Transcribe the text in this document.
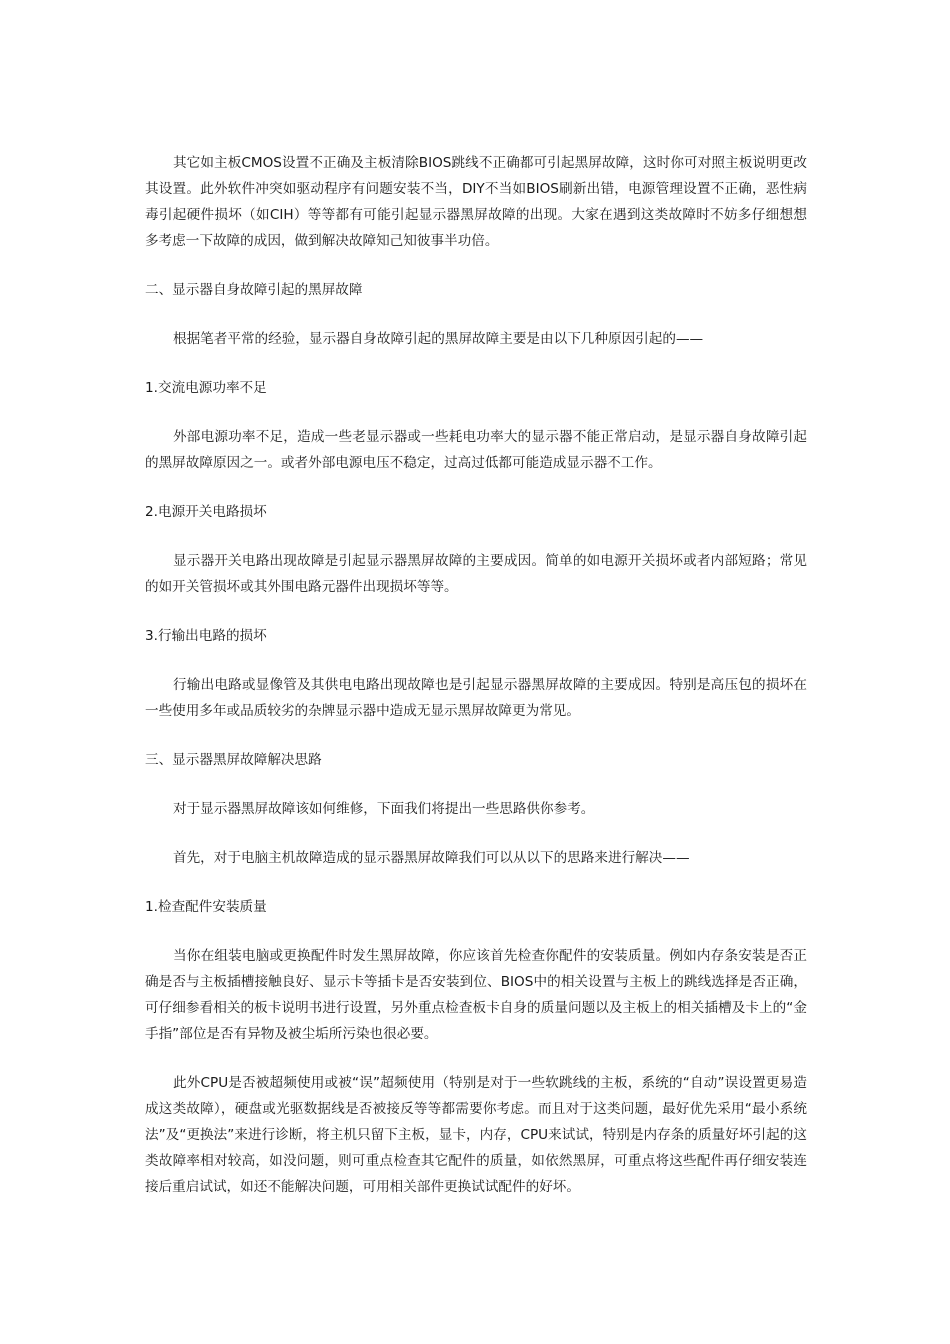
其它如主板CMOS设置不正确及主板清除BIOS跳线不正确都可引起黑屏故障，这时你可对照主板说明更改其设置。此外软件冲突如驱动程序有问题安装不当，DIY不当如BIOS刷新出错，电源管理设置不正确，恶性病毒引起硬件损坏（如CIH）等等都有可能引起显示器黑屏故障的出现。大家在遇到这类故障时不妨多仔细想想多考虑一下故障的成因，做到解决故障知己知彼事半功倍。

二、显示器自身故障引起的黑屏故障

根据笔者平常的经验，显示器自身故障引起的黑屏故障主要是由以下几种原因引起的——

1.交流电源功率不足

外部电源功率不足，造成一些老显示器或一些耗电功率大的显示器不能正常启动，是显示器自身故障引起的黑屏故障原因之一。或者外部电源电压不稳定，过高过低都可能造成显示器不工作。

2.电源开关电路损坏

显示器开关电路出现故障是引起显示器黑屏故障的主要成因。简单的如电源开关损坏或者内部短路；常见的如开关管损坏或其外围电路元器件出现损坏等等。

3.行输出电路的损坏

行输出电路或显像管及其供电电路出现故障也是引起显示器黑屏故障的主要成因。特别是高压包的损坏在一些使用多年或品质较劣的杂牌显示器中造成无显示黑屏故障更为常见。

三、显示器黑屏故障解决思路

对于显示器黑屏故障该如何维修，下面我们将提出一些思路供你参考。

首先，对于电脑主机故障造成的显示器黑屏故障我们可以从以下的思路来进行解决——

1.检查配件安装质量

当你在组装电脑或更换配件时发生黑屏故障，你应该首先检查你配件的安装质量。例如内存条安装是否正确是否与主板插槽接触良好、显示卡等插卡是否安装到位、BIOS中的相关设置与主板上的跳线选择是否正确，可仔细参看相关的板卡说明书进行设置，另外重点检查板卡自身的质量问题以及主板上的相关插槽及卡上的“金手指”部位是否有异物及被尘垢所污染也很必要。

此外CPU是否被超频使用或被“误”超频使用（特别是对于一些软跳线的主板，系统的“自动”误设置更易造成这类故障），硬盘或光驱数据线是否被接反等等都需要你考虑。而且对于这类问题，最好优先采用“最小系统法”及“更换法”来进行诊断，将主机只留下主板，显卡，内存，CPU来试试，特别是内存条的质量好坏引起的这类故障率相对较高，如没问题，则可重点检查其它配件的质量，如依然黑屏，可重点将这些配件再仔细安装连接后重启试试，如还不能解决问题，可用相关部件更换试试配件的好坏。
